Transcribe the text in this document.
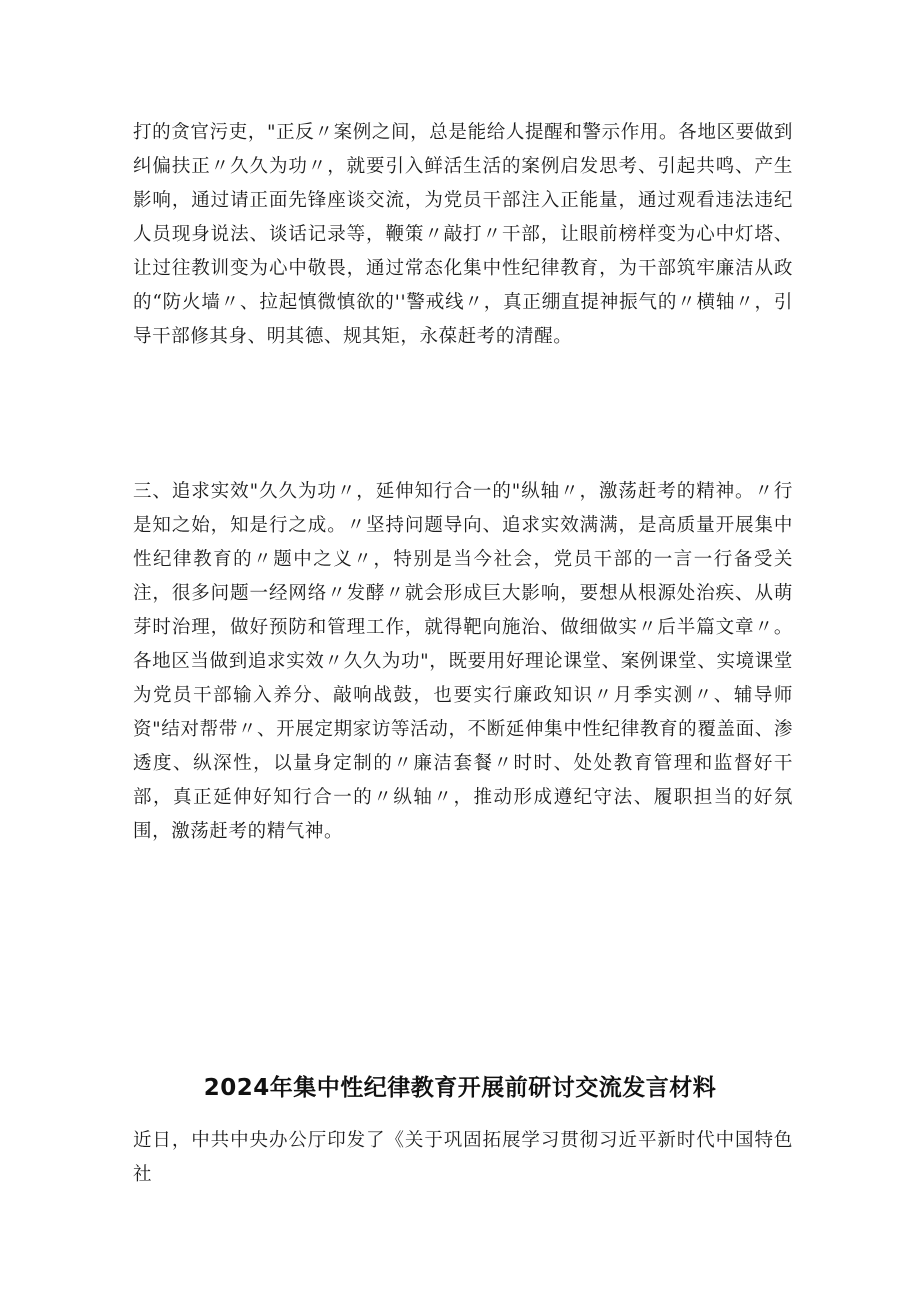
打的贪官污吏，"正反〃案例之间，总是能给人提醒和警示作用。各地区要做到纠偏扶正〃久久为功〃，就要引入鲜活生活的案例启发思考、引起共鸣、产生影响，通过请正面先锋座谈交流，为党员干部注入正能量，通过观看违法违纪人员现身说法、谈话记录等，鞭策〃敲打〃干部，让眼前榜样变为心中灯塔、让过往教训变为心中敬畏，通过常态化集中性纪律教育，为干部筑牢廉洁从政的“防火墙〃、拉起慎微慎欲的''警戒线〃，真正绷直提神振气的〃横轴〃，引导干部修其身、明其德、规其矩，永葆赶考的清醒。

三、追求实效"久久为功〃，延伸知行合一的"纵轴〃，激荡赶考的精神。〃行是知之始，知是行之成。〃坚持问题导向、追求实效满满，是高质量开展集中性纪律教育的〃题中之义〃，特别是当今社会，党员干部的一言一行备受关注，很多问题一经网络〃发酵〃就会形成巨大影响，要想从根源处治疾、从萌芽时治理，做好预防和管理工作，就得靶向施治、做细做实〃后半篇文章〃。各地区当做到追求实效〃久久为功"，既要用好理论课堂、案例课堂、实境课堂为党员干部输入养分、敲响战鼓，也要实行廉政知识〃月季实测〃、辅导师资"结对帮带〃、开展定期家访等活动，不断延伸集中性纪律教育的覆盖面、渗透度、纵深性，以量身定制的〃廉洁套餐〃时时、处处教育管理和监督好干部，真正延伸好知行合一的〃纵轴〃，推动形成遵纪守法、履职担当的好氛围，激荡赶考的精气神。

2024年集中性纪律教育开展前研讨交流发言材料

近日，中共中央办公厅印发了《关于巩固拓展学习贯彻习近平新时代中国特色社
